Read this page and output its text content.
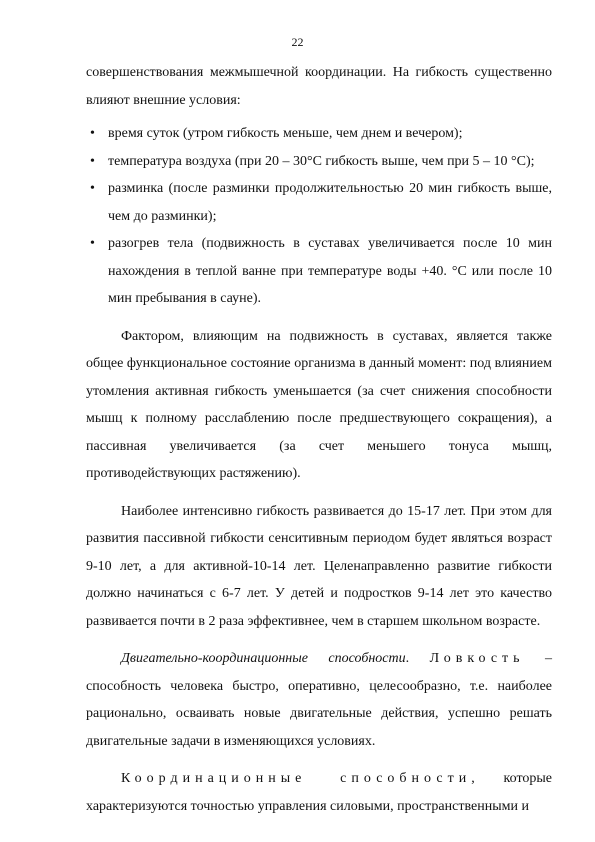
22

совершенствования межмышечной координации. На гибкость существенно влияют внешние условия:

• время суток (утром гибкость меньше, чем днем и вечером);
• температура воздуха (при 20 – 30°С гибкость выше, чем при 5 – 10 °С);
• разминка (после разминки продолжительностью 20 мин гибкость выше, чем до разминки);
• разогрев тела (подвижность в суставах увеличивается после 10 мин нахождения в теплой ванне при температуре воды +40. °С или после 10 мин пребывания в сауне).

Фактором, влияющим на подвижность в суставах, является также общее функциональное состояние организма в данный момент: под влиянием утомления активная гибкость уменьшается (за счет снижения способности мышц к полному расслаблению после предшествующего сокращения), а пассивная увеличивается (за счет меньшего тонуса мышц, противодействующих растяжению).

Наиболее интенсивно гибкость развивается до 15-17 лет. При этом для развития пассивной гибкости сенситивным периодом будет являться возраст 9-10 лет, а для активной-10-14 лет. Целенаправленно развитие гибкости должно начинаться с 6-7 лет. У детей и подростков 9-14 лет это качество развивается почти в 2 раза эффективнее, чем в старшем школьном возрасте.

Двигательно-координационные способности. Ловкость – способность человека быстро, оперативно, целесообразно, т.е. наиболее рационально, осваивать новые двигательные действия, успешно решать двигательные задачи в изменяющихся условиях.

Координационные способности, которые характеризуются точностью управления силовыми, пространственными и
